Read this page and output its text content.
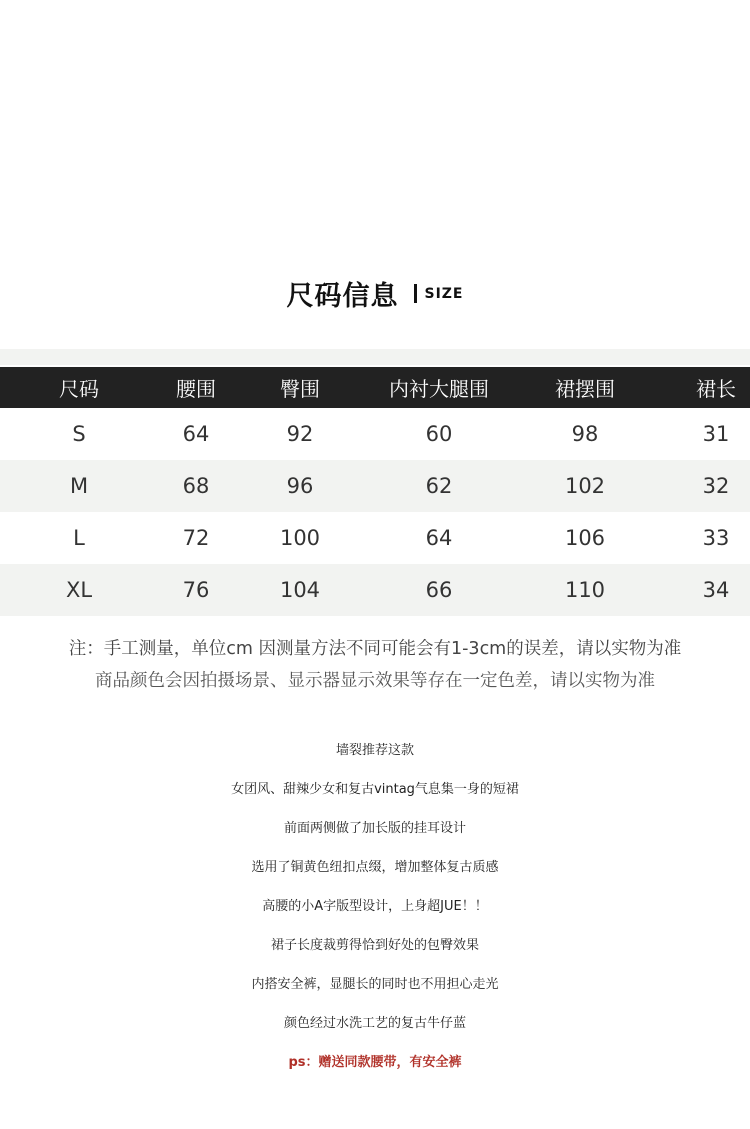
尺码信息 SIZE
尺码	腰围	臀围	内衬大腿围	裙摆围	裙长
S	64	92	60	98	31
M	68	96	62	102	32
L	72	100	64	106	33
XL	76	104	66	110	34
注：手工测量，单位cm 因测量方法不同可能会有1-3cm的误差，请以实物为准
商品颜色会因拍摄场景、显示器显示效果等存在一定色差，请以实物为准
墙裂推荐这款
女团风、甜辣少女和复古vintag气息集一身的短裙
前面两侧做了加长版的挂耳设计
选用了铜黄色纽扣点缀，增加整体复古质感
高腰的小A字版型设计，上身超JUE！！
裙子长度裁剪得恰到好处的包臀效果
内搭安全裤，显腿长的同时也不用担心走光
颜色经过水洗工艺的复古牛仔蓝
ps：赠送同款腰带，有安全裤
